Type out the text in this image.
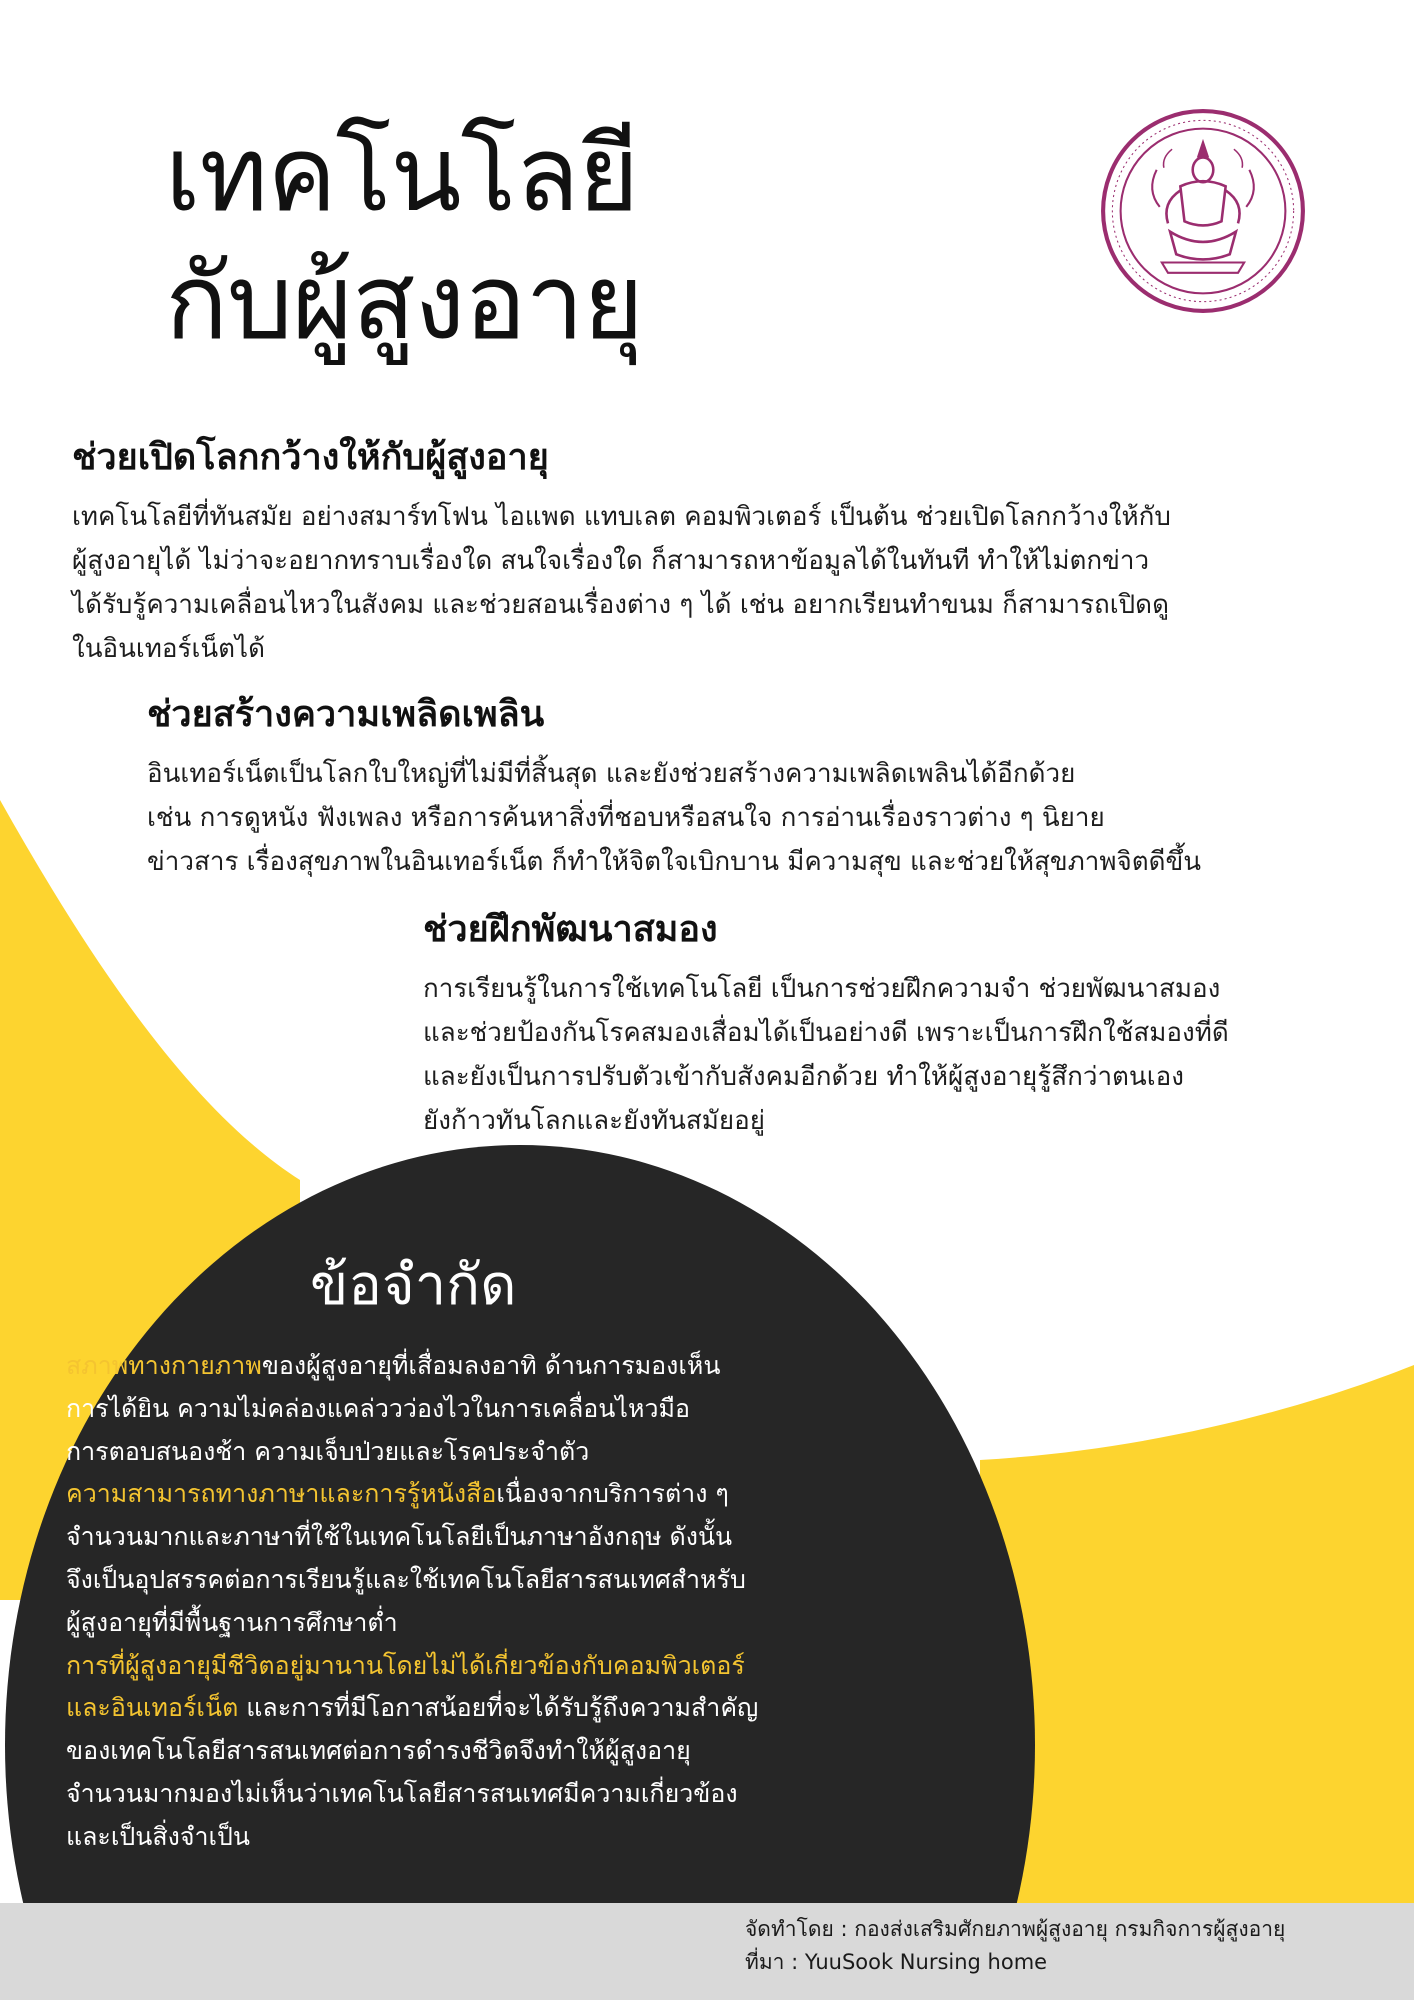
เทคโนโลยี
กับผู้สูงอายุ
ช่วยเปิดโลกกว้างให้กับผู้สูงอายุ

เทคโนโลยีที่ทันสมัย อย่างสมาร์ทโฟน ไอแพด แทบเลต คอมพิวเตอร์ เป็นต้น ช่วยเปิดโลกกว้างให้กับ
ผู้สูงอายุได้ ไม่ว่าจะอยากทราบเรื่องใด สนใจเรื่องใด ก็สามารถหาข้อมูลได้ในทันที ทำให้ไม่ตกข่าว
ได้รับรู้ความเคลื่อนไหวในสังคม และช่วยสอนเรื่องต่าง ๆ ได้ เช่น อยากเรียนทำขนม ก็สามารถเปิดดู
ในอินเทอร์เน็ตได้

ช่วยสร้างความเพลิดเพลิน

อินเทอร์เน็ตเป็นโลกใบใหญ่ที่ไม่มีที่สิ้นสุด และยังช่วยสร้างความเพลิดเพลินได้อีกด้วย
เช่น การดูหนัง ฟังเพลง หรือการค้นหาสิ่งที่ชอบหรือสนใจ การอ่านเรื่องราวต่าง ๆ นิยาย
ข่าวสาร เรื่องสุขภาพในอินเทอร์เน็ต ก็ทำให้จิตใจเบิกบาน มีความสุข และช่วยให้สุขภาพจิตดีขึ้น

ช่วยฝึกพัฒนาสมอง

การเรียนรู้ในการใช้เทคโนโลยี เป็นการช่วยฝึกความจำ ช่วยพัฒนาสมอง
และช่วยป้องกันโรคสมองเสื่อมได้เป็นอย่างดี เพราะเป็นการฝึกใช้สมองที่ดี
และยังเป็นการปรับตัวเข้ากับสังคมอีกด้วย ทำให้ผู้สูงอายุรู้สึกว่าตนเอง
ยังก้าวทันโลกและยังทันสมัยอยู่

ข้อจำกัด
สภาพทางกายภาพของผู้สูงอายุที่เสื่อมลงอาทิ ด้านการมองเห็น
การได้ยิน ความไม่คล่องแคล่ววว่องไวในการเคลื่อนไหวมือ
การตอบสนองช้า ความเจ็บป่วยและโรคประจำตัว
ความสามารถทางภาษาและการรู้หนังสือเนื่องจากบริการต่าง ๆ
จำนวนมากและภาษาที่ใช้ในเทคโนโลยีเป็นภาษาอังกฤษ ดังนั้น
จึงเป็นอุปสรรคต่อการเรียนรู้และใช้เทคโนโลยีสารสนเทศสำหรับ
ผู้สูงอายุที่มีพื้นฐานการศึกษาต่ำ
การที่ผู้สูงอายุมีชีวิตอยู่มานานโดยไม่ได้เกี่ยวข้องกับคอมพิวเตอร์
และอินเทอร์เน็ต และการที่มีโอกาสน้อยที่จะได้รับรู้ถึงความสำคัญ
ของเทคโนโลยีสารสนเทศต่อการดำรงชีวิตจึงทำให้ผู้สูงอายุ
จำนวนมากมองไม่เห็นว่าเทคโนโลยีสารสนเทศมีความเกี่ยวข้อง
และเป็นสิ่งจำเป็น
จัดทำโดย : กองส่งเสริมศักยภาพผู้สูงอายุ กรมกิจการผู้สูงอายุ
ที่มา : YuuSook Nursing home
